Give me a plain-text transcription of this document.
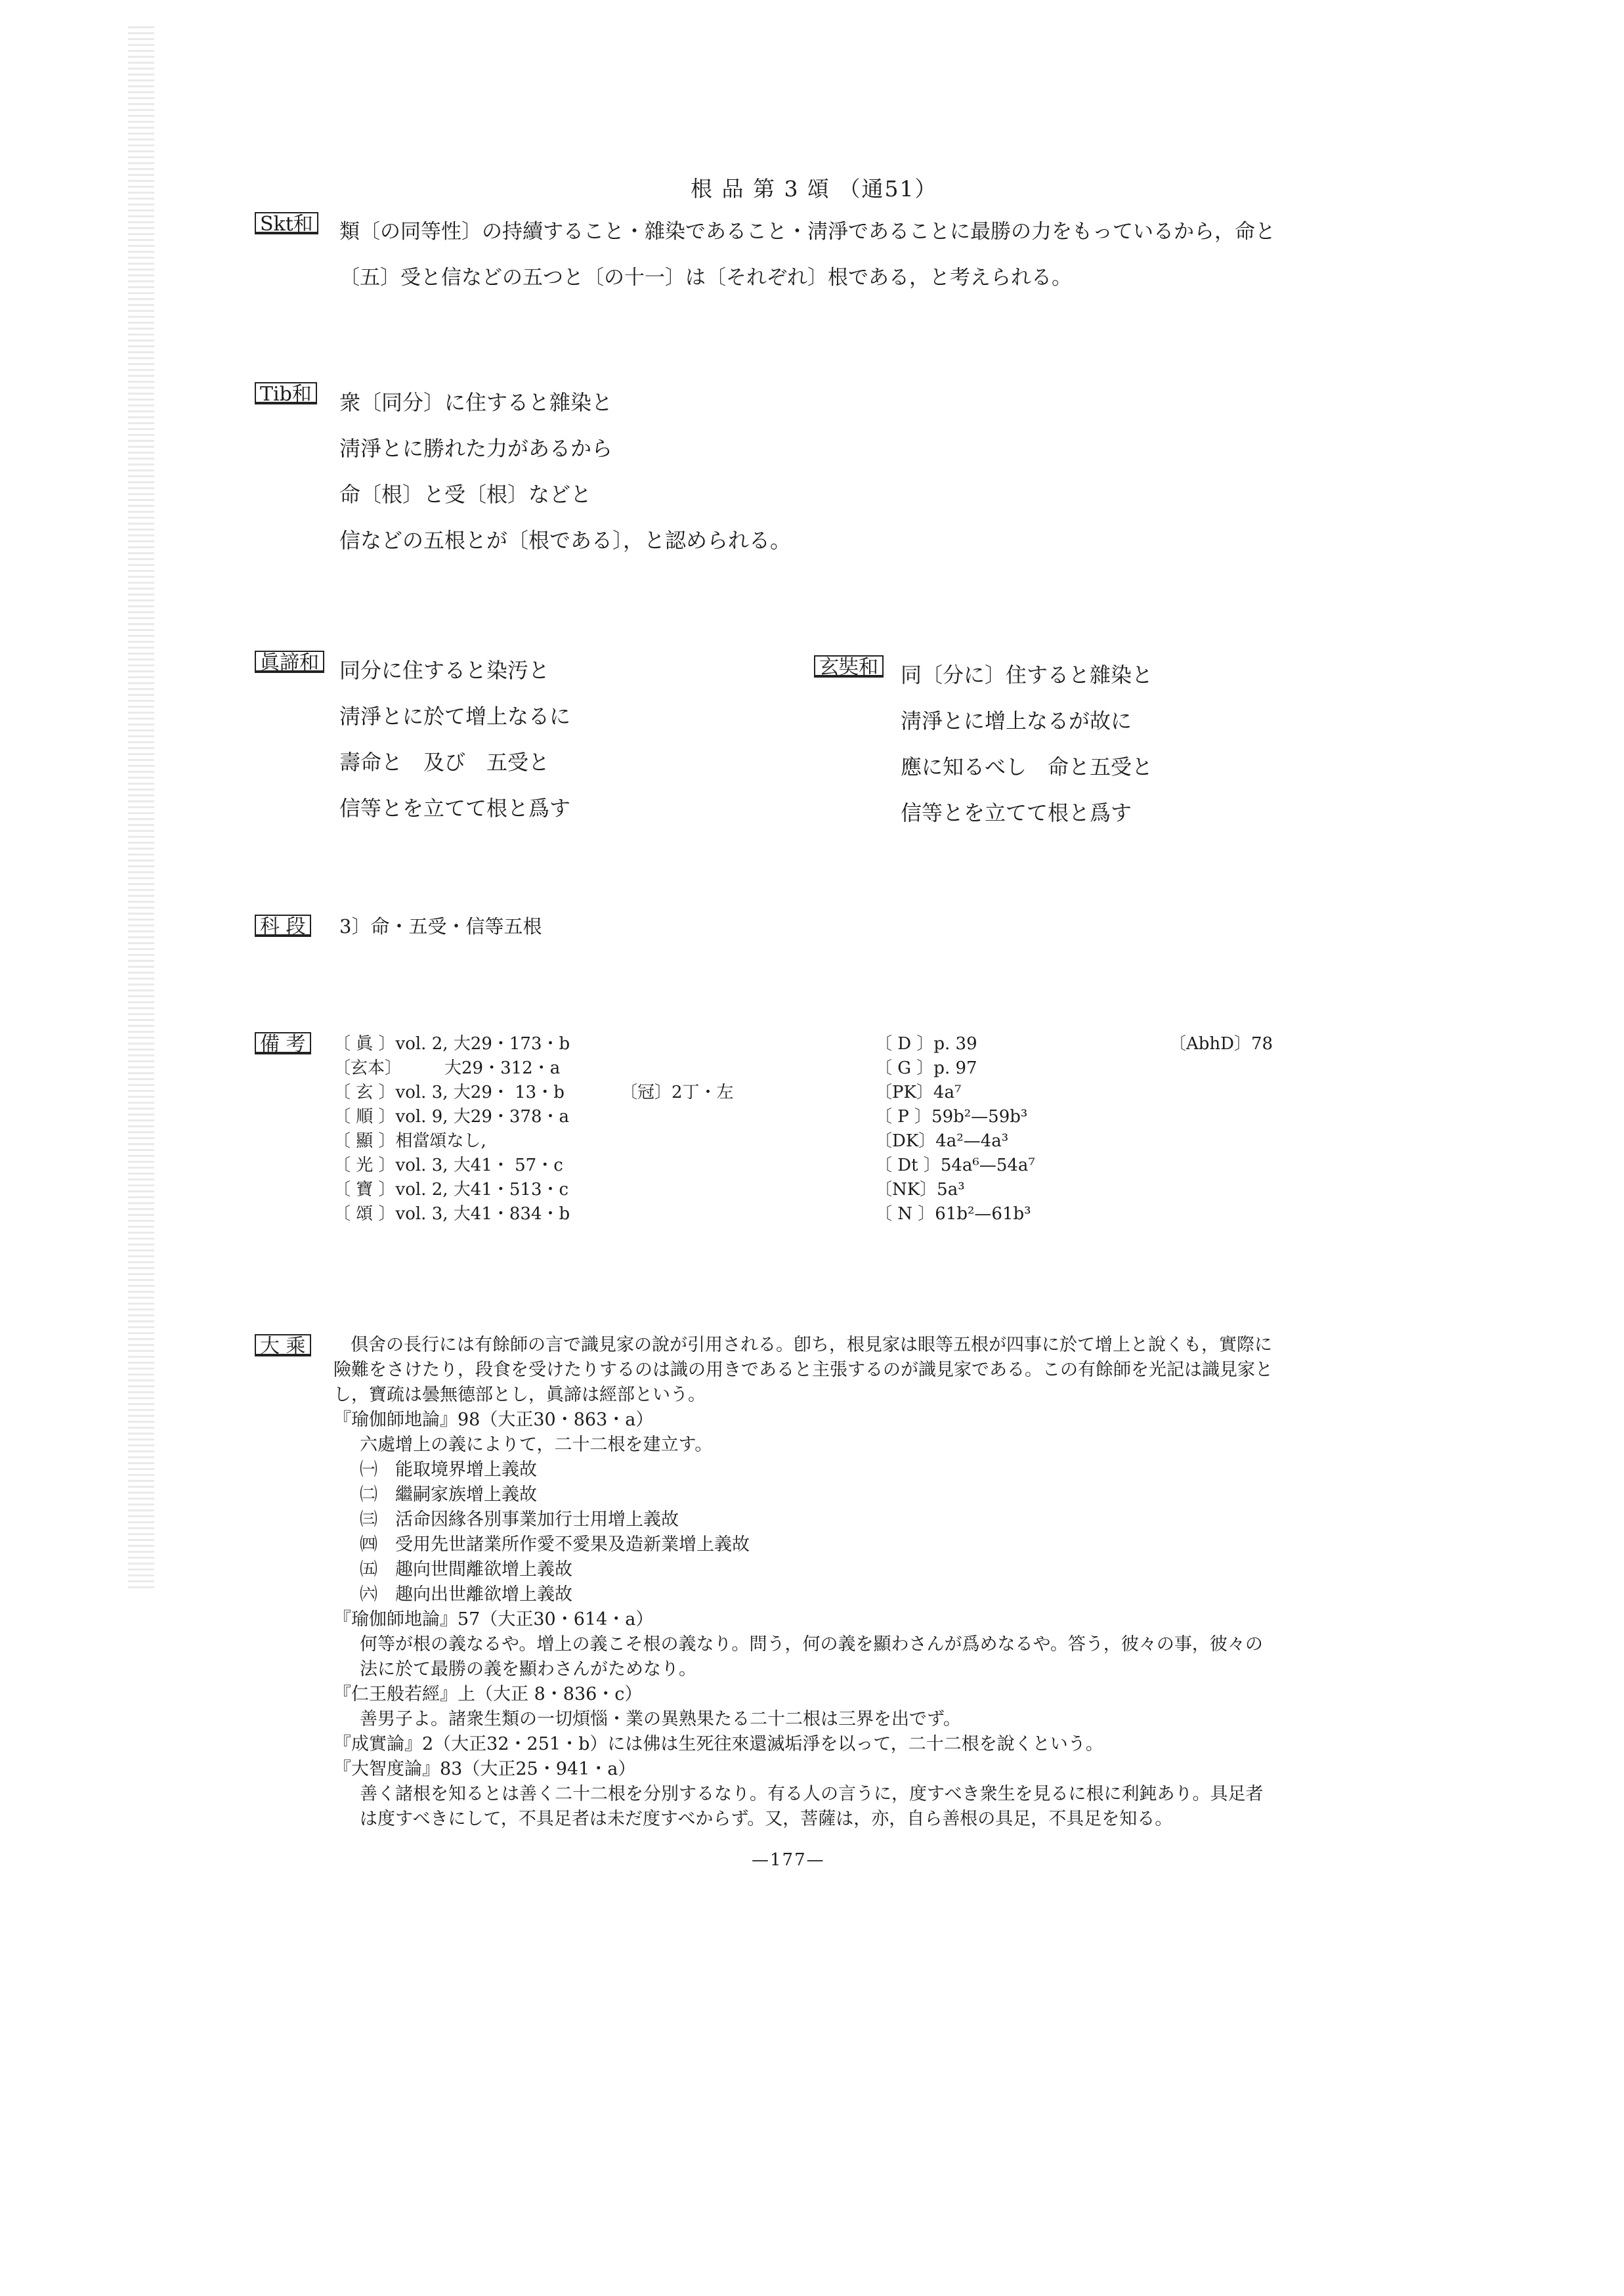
根 品 第 3 頌 （通51）
Skt和 類〔の同等性〕の持續すること・雜染であること・淸淨であることに最勝の力をもっているから，命と
〔五〕受と信などの五つと〔の十一〕は〔それぞれ〕根である，と考えられる。
Tib和 衆〔同分〕に住すると雜染と
淸淨とに勝れた力があるから
命〔根〕と受〔根〕などと
信などの五根とが〔根である〕，と認められる。
眞諦和 同分に住すると染汚と
淸淨とに於て增上なるに
壽命と　及び　五受と
信等とを立てて根と爲す
玄奘和 同〔分に〕住すると雜染と
淸淨とに增上なるが故に
應に知るべし　命と五受と
信等とを立てて根と爲す
科 段 3〕命・五受・信等五根
備 考	〔 眞 〕vol. 2, 大29・173・b
〔玄本〕　　　大29・312・a
〔 玄 〕vol. 3, 大29・ 13・b
〔 順 〕vol. 9, 大29・378・a
〔 顯 〕相當頌なし,
〔 光 〕vol. 3, 大41・ 57・c
〔 寶 〕vol. 2, 大41・513・c
〔 頌 〕vol. 3, 大41・834・b
〔冠〕2丁・左
〔 D 〕p. 39
〔 G 〕p. 97
〔PK〕4a⁷
〔 P 〕59b²—59b³
〔DK〕4a²—4a³
〔 Dt 〕54a⁶—54a⁷
〔NK〕5a³
〔 N 〕61b²—61b³
〔AbhD〕78
大 乘	倶舍の長行には有餘師の言で識見家の說が引用される。卽ち，根見家は眼等五根が四事に於て增上と說くも，實際に
險難をさけたり，段食を受けたりするのは識の用きであると主張するのが識見家である。この有餘師を光記は識見家と
し，寶疏は曇無德部とし，眞諦は經部という。
『瑜伽師地論』98（大正30・863・a）
六處增上の義によりて，二十二根を建立す。
㈠　能取境界增上義故
㈡　繼嗣家族增上義故
㈢　活命因緣各別事業加行士用增上義故
㈣　受用先世諸業所作愛不愛果及造新業增上義故
㈤　趣向世間離欲增上義故
㈥　趣向出世離欲增上義故
『瑜伽師地論』57（大正30・614・a）
何等が根の義なるや。增上の義こそ根の義なり。問う，何の義を顯わさんが爲めなるや。答う，彼々の事，彼々の
法に於て最勝の義を顯わさんがためなり。
『仁王般若經』上（大正 8・836・c）
善男子よ。諸衆生類の一切煩惱・業の異熟果たる二十二根は三界を出でず。
『成實論』2（大正32・251・b）には佛は生死往來還滅垢淨を以って，二十二根を說くという。
『大智度論』83（大正25・941・a）
善く諸根を知るとは善く二十二根を分別するなり。有る人の言うに，度すべき衆生を見るに根に利鈍あり。具足者
は度すべきにして，不具足者は未だ度すべからず。又，菩薩は，亦，自ら善根の具足，不具足を知る。
—177—
